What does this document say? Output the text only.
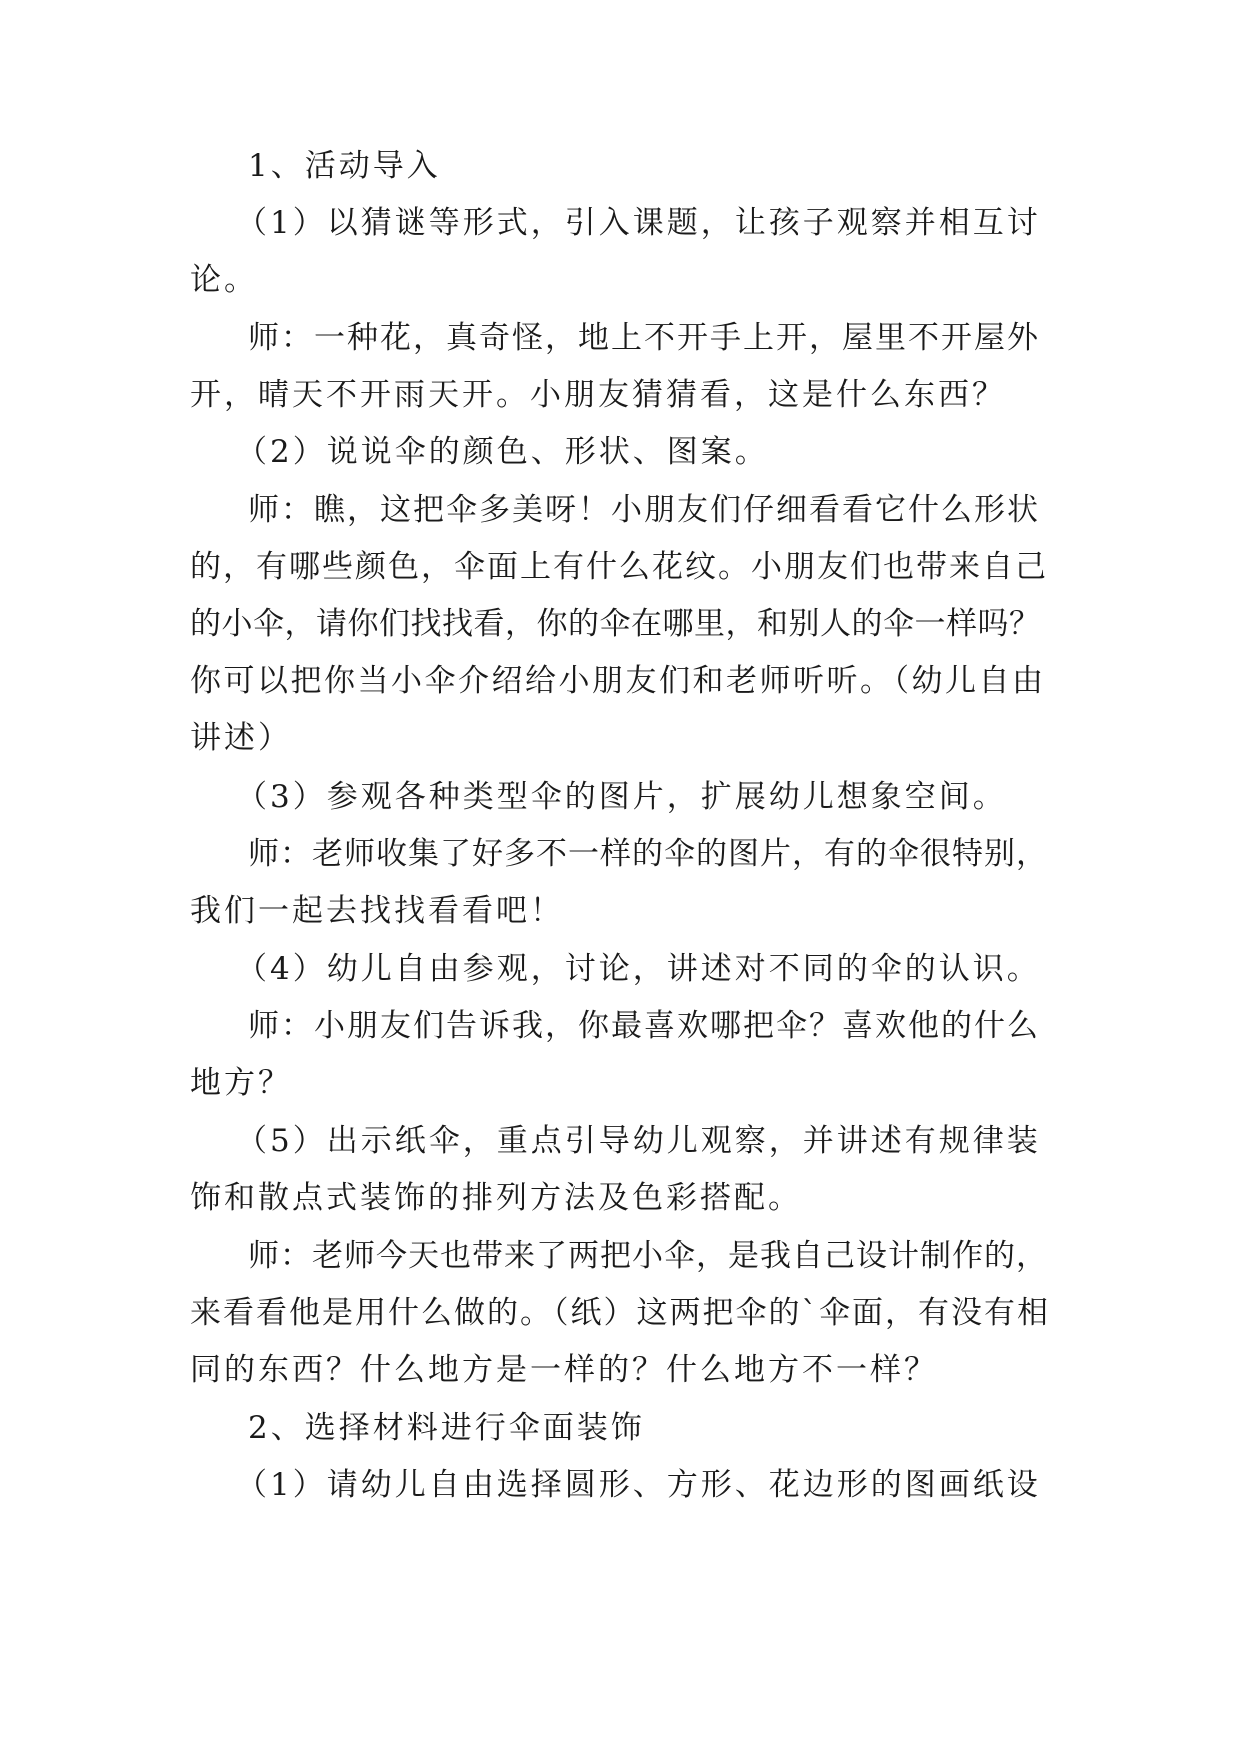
1、活动导入
（1）以猜谜等形式，引入课题，让孩子观察并相互讨
论。
师：一种花，真奇怪，地上不开手上开，屋里不开屋外
开，晴天不开雨天开。小朋友猜猜看，这是什么东西？
（2）说说伞的颜色、形状、图案。
师：瞧，这把伞多美呀！小朋友们仔细看看它什么形状
的，有哪些颜色，伞面上有什么花纹。小朋友们也带来自己
的小伞，请你们找找看，你的伞在哪里，和别人的伞一样吗？
你可以把你当小伞介绍给小朋友们和老师听听。（幼儿自由
讲述）
（3）参观各种类型伞的图片，扩展幼儿想象空间。
师：老师收集了好多不一样的伞的图片，有的伞很特别，
我们一起去找找看看吧！
（4）幼儿自由参观，讨论，讲述对不同的伞的认识。
师：小朋友们告诉我，你最喜欢哪把伞？喜欢他的什么
地方？
（5）出示纸伞，重点引导幼儿观察，并讲述有规律装
饰和散点式装饰的排列方法及色彩搭配。
师：老师今天也带来了两把小伞，是我自己设计制作的，
来看看他是用什么做的。（纸）这两把伞的`伞面，有没有相
同的东西？什么地方是一样的？什么地方不一样？
2、选择材料进行伞面装饰
（1）请幼儿自由选择圆形、方形、花边形的图画纸设
